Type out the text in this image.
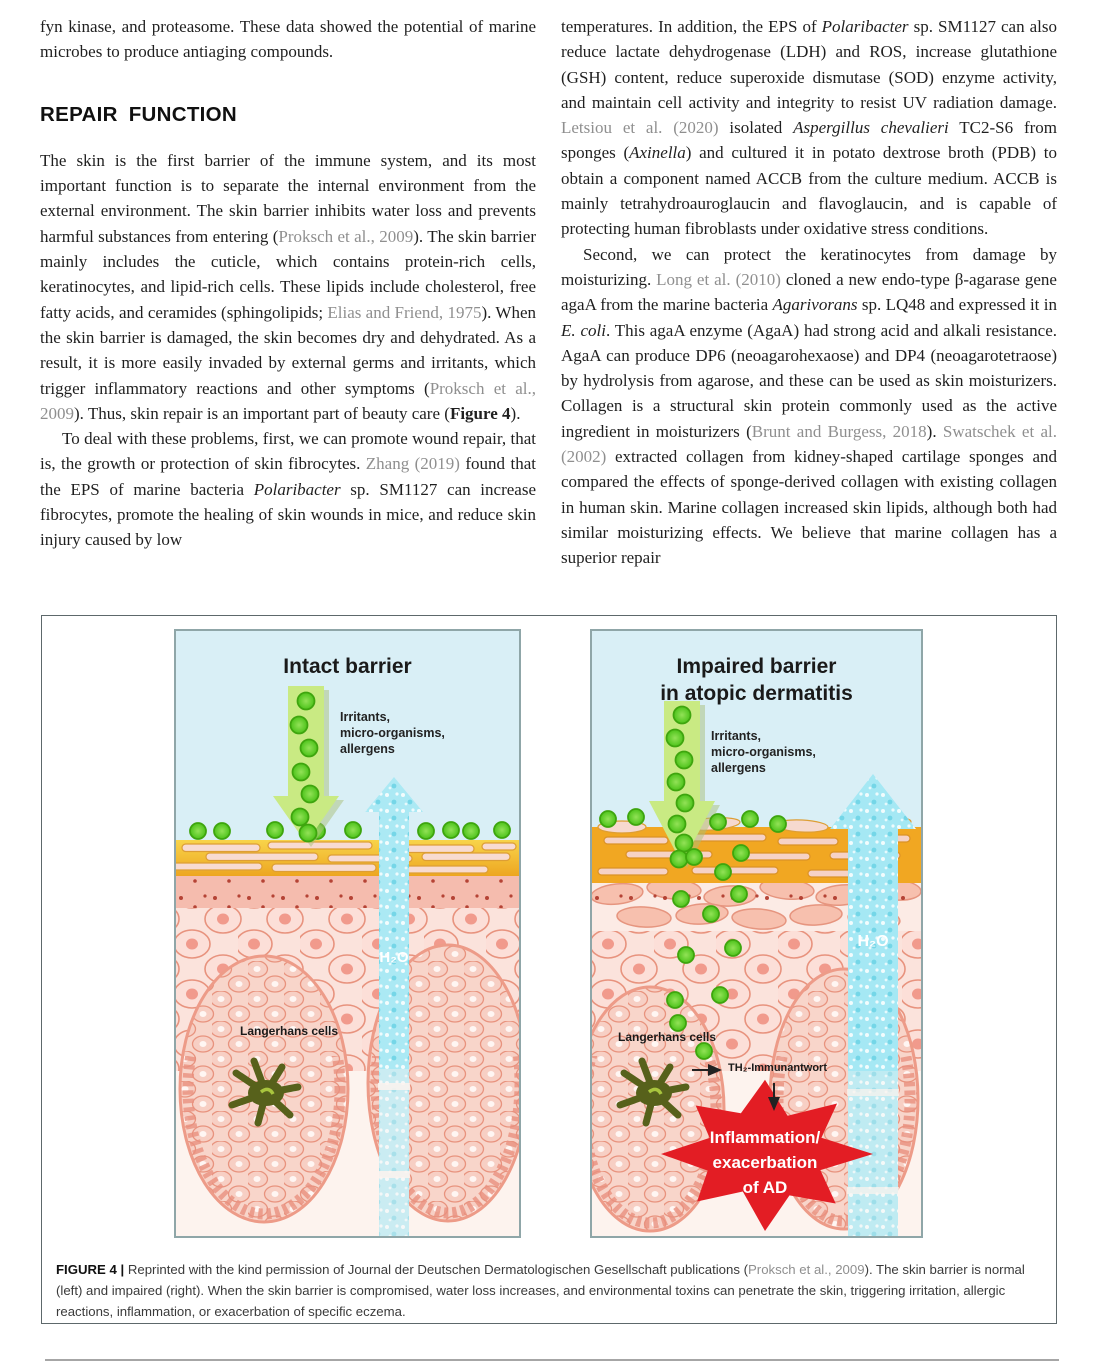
fyn kinase, and proteasome. These data showed the potential of marine microbes to produce antiaging compounds.

REPAIR FUNCTION

The skin is the first barrier of the immune system, and its most important function is to separate the internal environment from the external environment. The skin barrier inhibits water loss and prevents harmful substances from entering (Proksch et al., 2009). The skin barrier mainly includes the cuticle, which contains protein-rich cells, keratinocytes, and lipid-rich cells. These lipids include cholesterol, free fatty acids, and ceramides (sphingolipids; Elias and Friend, 1975). When the skin barrier is damaged, the skin becomes dry and dehydrated. As a result, it is more easily invaded by external germs and irritants, which trigger inflammatory reactions and other symptoms (Proksch et al., 2009). Thus, skin repair is an important part of beauty care (Figure 4).

To deal with these problems, first, we can promote wound repair, that is, the growth or protection of skin fibrocytes. Zhang (2019) found that the EPS of marine bacteria Polaribacter sp. SM1127 can increase fibrocytes, promote the healing of skin wounds in mice, and reduce skin injury caused by low

temperatures. In addition, the EPS of Polaribacter sp. SM1127 can also reduce lactate dehydrogenase (LDH) and ROS, increase glutathione (GSH) content, reduce superoxide dismutase (SOD) enzyme activity, and maintain cell activity and integrity to resist UV radiation damage. Letsiou et al. (2020) isolated Aspergillus chevalieri TC2-S6 from sponges (Axinella) and cultured it in potato dextrose broth (PDB) to obtain a component named ACCB from the culture medium. ACCB is mainly tetrahydroauroglaucin and flavoglaucin, and is capable of protecting human fibroblasts under oxidative stress conditions.

Second, we can protect the keratinocytes from damage by moisturizing. Long et al. (2010) cloned a new endo-type β-agarase gene agaA from the marine bacteria Agarivorans sp. LQ48 and expressed it in E. coli. This agaA enzyme (AgaA) had strong acid and alkali resistance. AgaA can produce DP6 (neoagarohexaose) and DP4 (neoagarotetraose) by hydrolysis from agarose, and these can be used as skin moisturizers. Collagen is a structural skin protein commonly used as the active ingredient in moisturizers (Brunt and Burgess, 2018). Swatschek et al. (2002) extracted collagen from kidney-shaped cartilage sponges and compared the effects of sponge-derived collagen with existing collagen in human skin. Marine collagen increased skin lipids, although both had similar moisturizing effects. We believe that marine collagen has a superior repair

Intact barrier
Irritants,
micro-organisms,
allergens
H₂O
Langerhans cells
Impaired barrier
in atopic dermatitis
Irritants,
micro-organisms,
allergens
H₂O
Langerhans cells
TH₂-Immunantwort
Inflammation/
exacerbation
of AD
FIGURE 4 | Reprinted with the kind permission of Journal der Deutschen Dermatologischen Gesellschaft publications (Proksch et al., 2009). The skin barrier is normal (left) and impaired (right). When the skin barrier is compromised, water loss increases, and environmental toxins can penetrate the skin, triggering irritation, allergic reactions, inflammation, or exacerbation of specific eczema.
